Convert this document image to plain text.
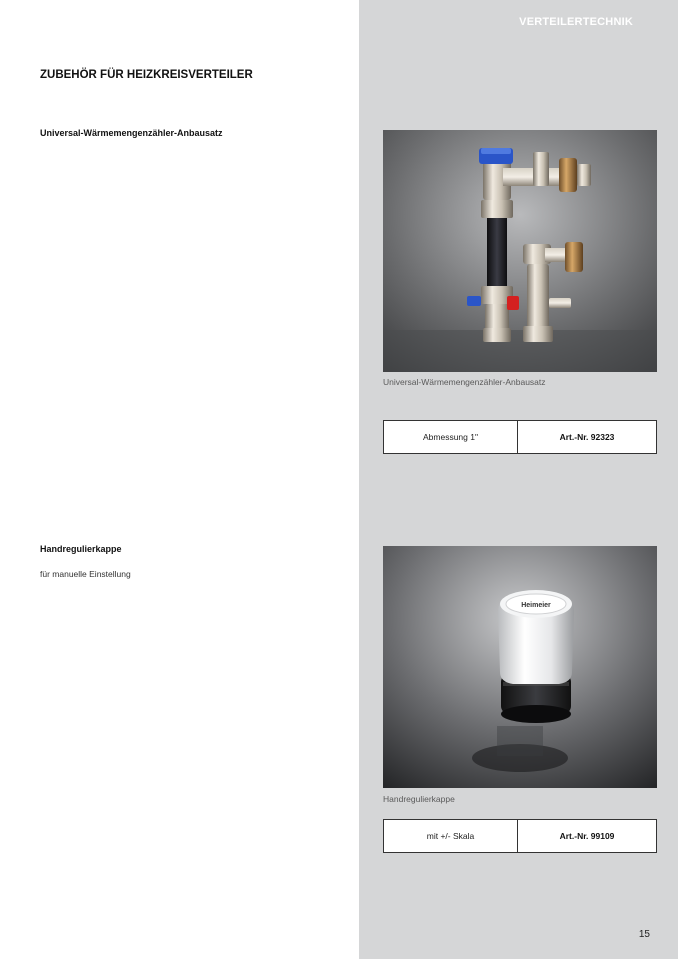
VERTEILERTECHNIK
ZUBEHÖR FÜR HEIZKREISVERTEILER
Universal-Wärmemengenzähler-Anbausatz
Universal-Wärmemengenzähler-Anbausatz
Abmessung 1"	Art.-Nr. 92323
Handregulierkappe

für manuelle Einstellung

Heimeier
Handregulierkappe
mit +/- Skala	Art.-Nr. 99109
15
